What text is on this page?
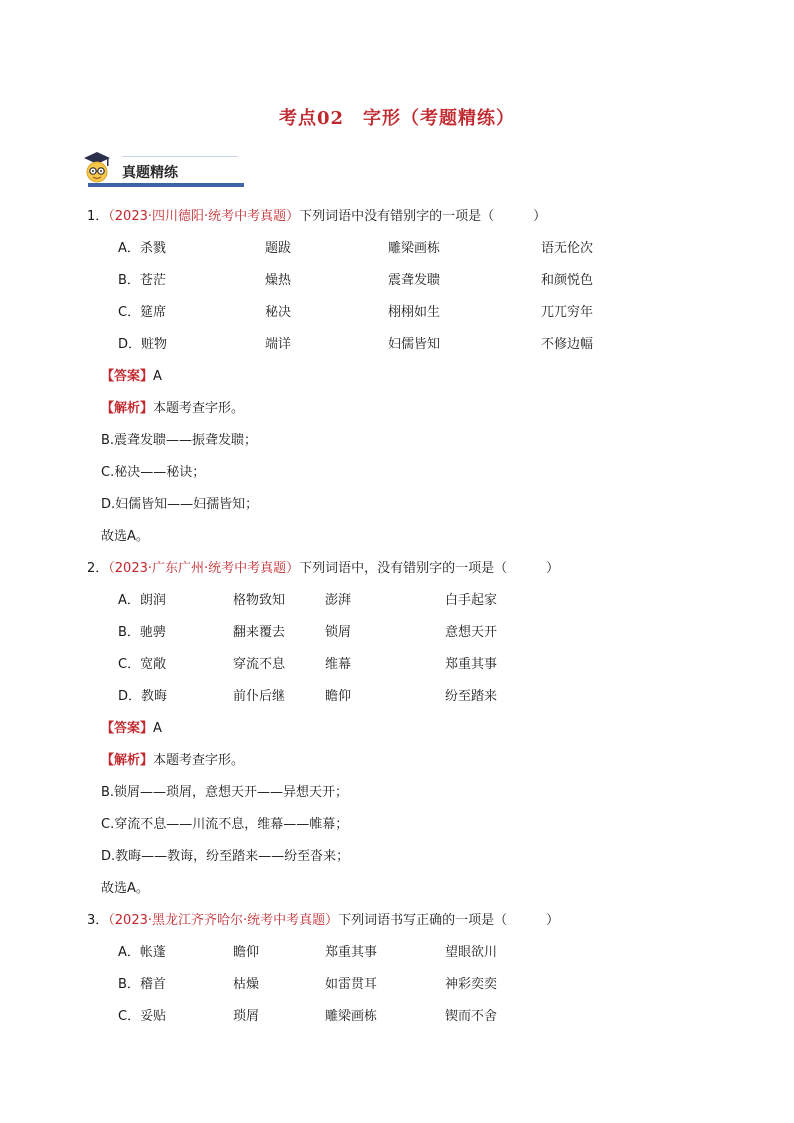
考点02　字形（考题精练）
真题精练
1．（2023·四川德阳·统考中考真题）下列词语中没有错别字的一项是（　　　）
A．杀戮	题跋	雕梁画栋	语无伦次
B．苍茫	燥热	震聋发聩	和颜悦色
C．筵席	秘决	栩栩如生	兀兀穷年
D．赃物	端详	妇儒皆知	不修边幅
【答案】A
【解析】本题考查字形。
B.震聋发聩——振聋发聩；
C.秘决——秘诀；
D.妇儒皆知——妇孺皆知；
故选A。
2．（2023·广东广州·统考中考真题）下列词语中，没有错别字的一项是（　　　）
A．朗润	格物致知	澎湃	白手起家
B．驰骋	翻来覆去	锁屑	意想天开
C．宽敞	穿流不息	维幕	郑重其事
D．教晦	前仆后继	瞻仰	纷至踏来
【答案】A
【解析】本题考查字形。
B.锁屑——琐屑，意想天开——异想天开；
C.穿流不息——川流不息，维幕——帷幕；
D.教晦——教诲，纷至踏来——纷至沓来；
故选A。
3．（2023·黑龙江齐齐哈尔·统考中考真题）下列词语书写正确的一项是（　　　）
A．帐蓬	瞻仰	郑重其事	望眼欲川
B．稽首	枯燥	如雷贯耳	神彩奕奕
C．妥贴	琐屑	雕梁画栋	锲而不舍
